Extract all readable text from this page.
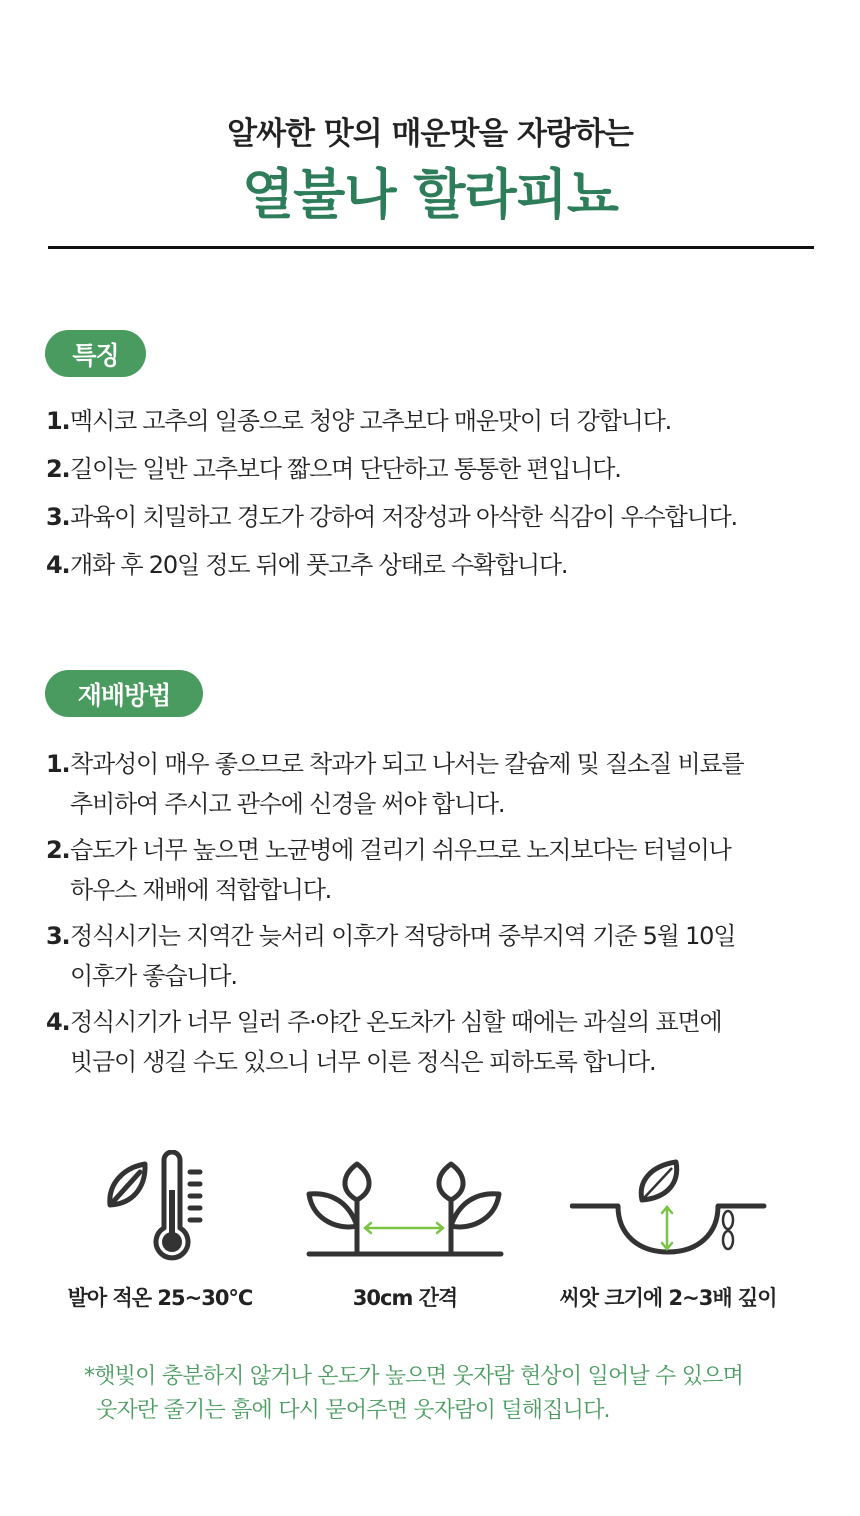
알싸한 맛의 매운맛을 자랑하는
열불나 할라피뇨
특징
1. 멕시코 고추의 일종으로 청양 고추보다 매운맛이 더 강합니다.
2. 길이는 일반 고추보다 짧으며 단단하고 통통한 편입니다.
3. 과육이 치밀하고 경도가 강하여 저장성과 아삭한 식감이 우수합니다.
4. 개화 후 20일 정도 뒤에 풋고추 상태로 수확합니다.
재배방법
1. 착과성이 매우 좋으므로 착과가 되고 나서는 칼슘제 및 질소질 비료를
추비하여 주시고 관수에 신경을 써야 합니다.
2. 습도가 너무 높으면 노균병에 걸리기 쉬우므로 노지보다는 터널이나
하우스 재배에 적합합니다.
3. 정식시기는 지역간 늦서리 이후가 적당하며 중부지역 기준 5월 10일
이후가 좋습니다.
4. 정식시기가 너무 일러 주·야간 온도차가 심할 때에는 과실의 표면에
빗금이 생길 수도 있으니 너무 이른 정식은 피하도록 합니다.
발아 적온 25~30°C	30cm 간격	씨앗 크기에 2~3배 깊이
*햇빛이 충분하지 않거나 온도가 높으면 웃자람 현상이 일어날 수 있으며
웃자란 줄기는 흙에 다시 묻어주면 웃자람이 덜해집니다.
